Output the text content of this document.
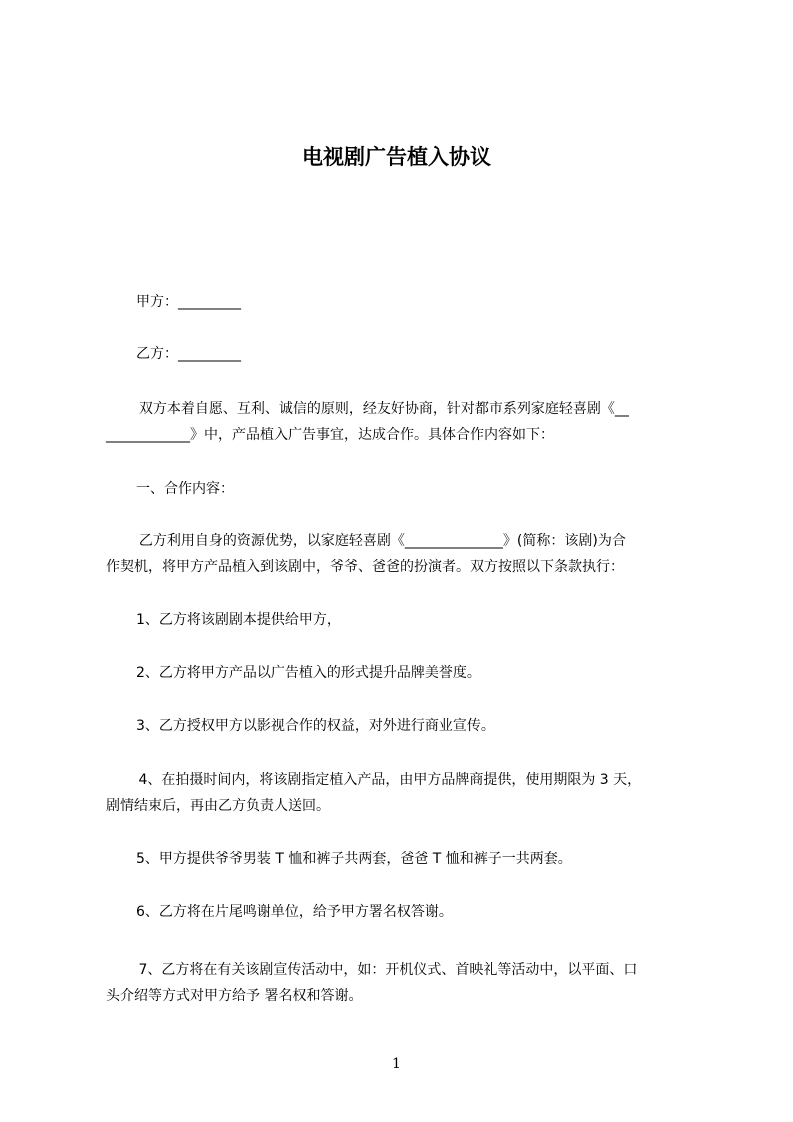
电视剧广告植入协议

甲方：_________

乙方：_________

双方本着自愿、互利、诚信的原则，经友好协商，针对都市系列家庭轻喜剧《__

____________》中，产品植入广告事宜，达成合作。具体合作内容如下：

一、合作内容：

乙方利用自身的资源优势，以家庭轻喜剧《______________》(简称：该剧)为合

作契机，将甲方产品植入到该剧中，爷爷、爸爸的扮演者。双方按照以下条款执行：

1、乙方将该剧剧本提供给甲方，

2、乙方将甲方产品以广告植入的形式提升品牌美誉度。

3、乙方授权甲方以影视合作的权益，对外进行商业宣传。

4、在拍摄时间内，将该剧指定植入产品，由甲方品牌商提供，使用期限为 3 天，

剧情结束后，再由乙方负责人送回。

5、甲方提供爷爷男装 T 恤和裤子共两套，爸爸 T 恤和裤子一共两套。

6、乙方将在片尾鸣谢单位，给予甲方署名权答谢。

7、乙方将在有关该剧宣传活动中，如：开机仪式、首映礼等活动中，以平面、口

头介绍等方式对甲方给予 署名权和答谢。

1
